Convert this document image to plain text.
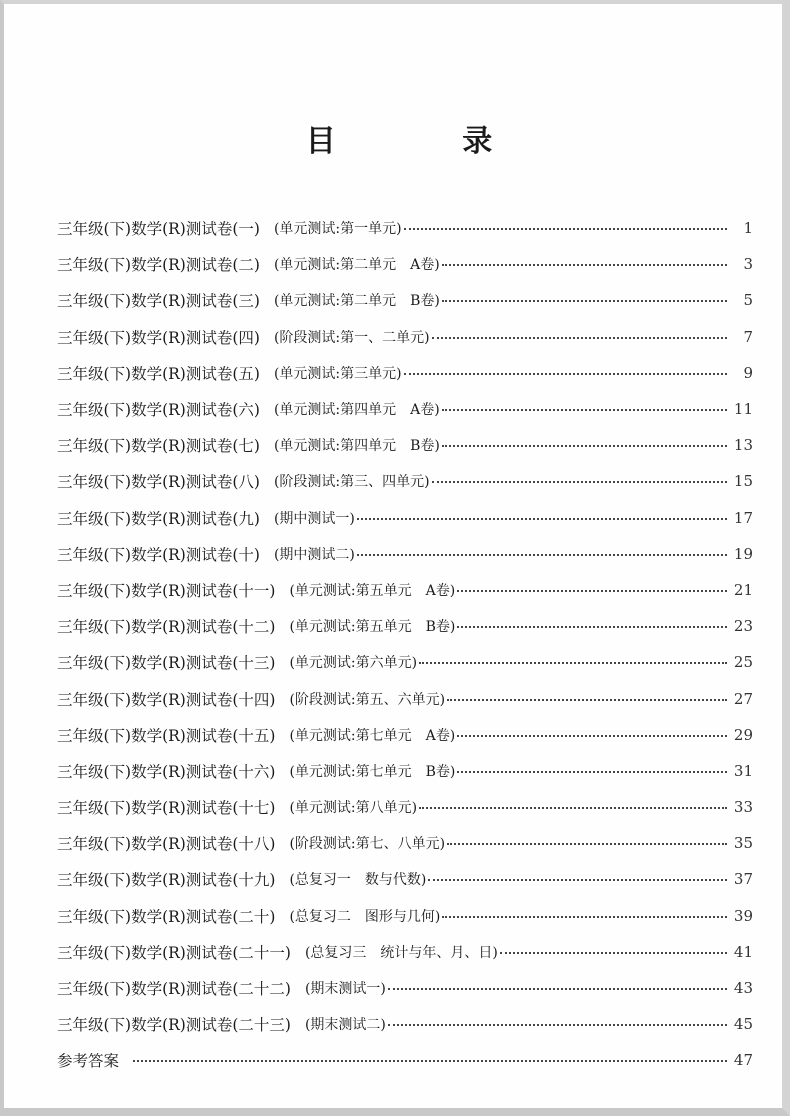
目 录
三年级(下)数学(R)测试卷(一) (单元测试:第一单元)	1
三年级(下)数学(R)测试卷(二) (单元测试:第二单元　A卷)	3
三年级(下)数学(R)测试卷(三) (单元测试:第二单元　B卷)	5
三年级(下)数学(R)测试卷(四) (阶段测试:第一、二单元)	7
三年级(下)数学(R)测试卷(五) (单元测试:第三单元)	9
三年级(下)数学(R)测试卷(六) (单元测试:第四单元　A卷)	11
三年级(下)数学(R)测试卷(七) (单元测试:第四单元　B卷)	13
三年级(下)数学(R)测试卷(八) (阶段测试:第三、四单元)	15
三年级(下)数学(R)测试卷(九) (期中测试一)	17
三年级(下)数学(R)测试卷(十) (期中测试二)	19
三年级(下)数学(R)测试卷(十一) (单元测试:第五单元　A卷)	21
三年级(下)数学(R)测试卷(十二) (单元测试:第五单元　B卷)	23
三年级(下)数学(R)测试卷(十三) (单元测试:第六单元)	25
三年级(下)数学(R)测试卷(十四) (阶段测试:第五、六单元)	27
三年级(下)数学(R)测试卷(十五) (单元测试:第七单元　A卷)	29
三年级(下)数学(R)测试卷(十六) (单元测试:第七单元　B卷)	31
三年级(下)数学(R)测试卷(十七) (单元测试:第八单元)	33
三年级(下)数学(R)测试卷(十八) (阶段测试:第七、八单元)	35
三年级(下)数学(R)测试卷(十九) (总复习一　数与代数)	37
三年级(下)数学(R)测试卷(二十) (总复习二　图形与几何)	39
三年级(下)数学(R)测试卷(二十一) (总复习三　统计与年、月、日)	41
三年级(下)数学(R)测试卷(二十二) (期末测试一)	43
三年级(下)数学(R)测试卷(二十三) (期末测试二)	45
参考答案	47
